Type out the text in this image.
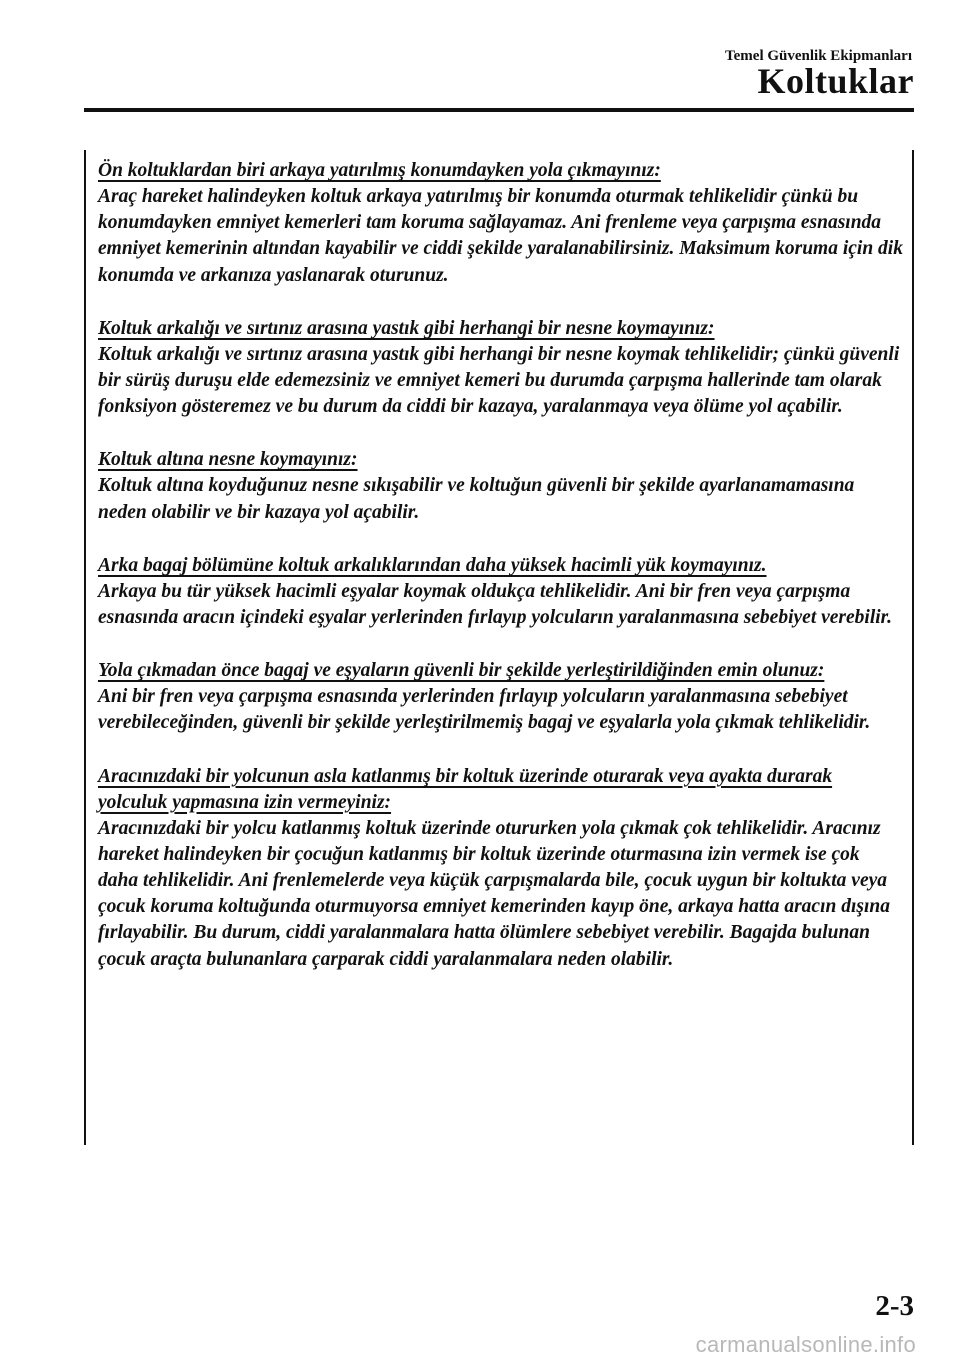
Temel Güvenlik Ekipmanları
Koltuklar
Ön koltuklardan biri arkaya yatırılmış konumdayken yola çıkmayınız:

Araç hareket halindeyken koltuk arkaya yatırılmış bir konumda oturmak tehlikelidir çünkü bu konumdayken emniyet kemerleri tam koruma sağlayamaz. Ani frenleme veya çarpışma esnasında emniyet kemerinin altından kayabilir ve ciddi şekilde yaralanabilirsiniz. Maksimum koruma için dik konumda ve arkanıza yaslanarak oturunuz.

Koltuk arkalığı ve sırtınız arasına yastık gibi herhangi bir nesne koymayınız:

Koltuk arkalığı ve sırtınız arasına yastık gibi herhangi bir nesne koymak tehlikelidir; çünkü güvenli bir sürüş duruşu elde edemezsiniz ve emniyet kemeri bu durumda çarpışma hallerinde tam olarak fonksiyon gösteremez ve bu durum da ciddi bir kazaya, yaralanmaya veya ölüme yol açabilir.

Koltuk altına nesne koymayınız:

Koltuk altına koyduğunuz nesne sıkışabilir ve koltuğun güvenli bir şekilde ayarlanamamasına neden olabilir ve bir kazaya yol açabilir.

Arka bagaj bölümüne koltuk arkalıklarından daha yüksek hacimli yük koymayınız.

Arkaya bu tür yüksek hacimli eşyalar koymak oldukça tehlikelidir. Ani bir fren veya çarpışma esnasında aracın içindeki eşyalar yerlerinden fırlayıp yolcuların yaralanmasına sebebiyet verebilir.

Yola çıkmadan önce bagaj ve eşyaların güvenli bir şekilde yerleştirildiğinden emin olunuz:

Ani bir fren veya çarpışma esnasında yerlerinden fırlayıp yolcuların yaralanmasına sebebiyet verebileceğinden, güvenli bir şekilde yerleştirilmemiş bagaj ve eşyalarla yola çıkmak tehlikelidir.

Aracınızdaki bir yolcunun asla katlanmış bir koltuk üzerinde oturarak veya ayakta durarak yolculuk yapmasına izin vermeyiniz:

Aracınızdaki bir yolcu katlanmış koltuk üzerinde otururken yola çıkmak çok tehlikelidir. Aracınız hareket halindeyken bir çocuğun katlanmış bir koltuk üzerinde oturmasına izin vermek ise çok daha tehlikelidir. Ani frenlemelerde veya küçük çarpışmalarda bile, çocuk uygun bir koltukta veya çocuk koruma koltuğunda oturmuyorsa emniyet kemerinden kayıp öne, arkaya hatta aracın dışına fırlayabilir. Bu durum, ciddi yaralanmalara hatta ölümlere sebebiyet verebilir. Bagajda bulunan çocuk araçta bulunanlara çarparak ciddi yaralanmalara neden olabilir.

2-3
carmanualsonline.info
